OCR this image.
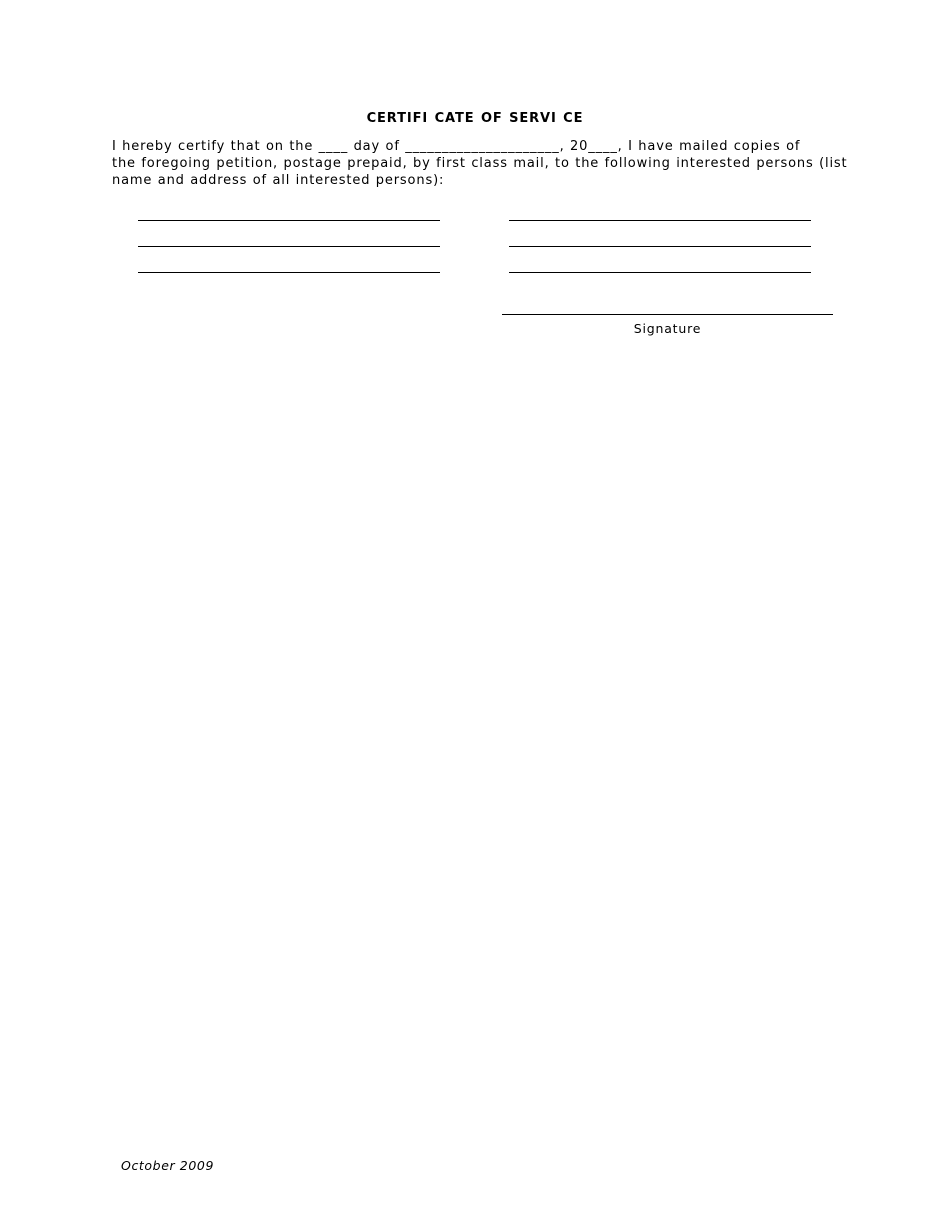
CERTIFI CATE OF SERVI CE

I hereby certify that on the ____ day of _____________________, 20____, I have mailed copies of
the foregoing petition, postage prepaid, by first class mail, to the following interested persons (list
name and address of all interested persons):

Signature
October 2009
